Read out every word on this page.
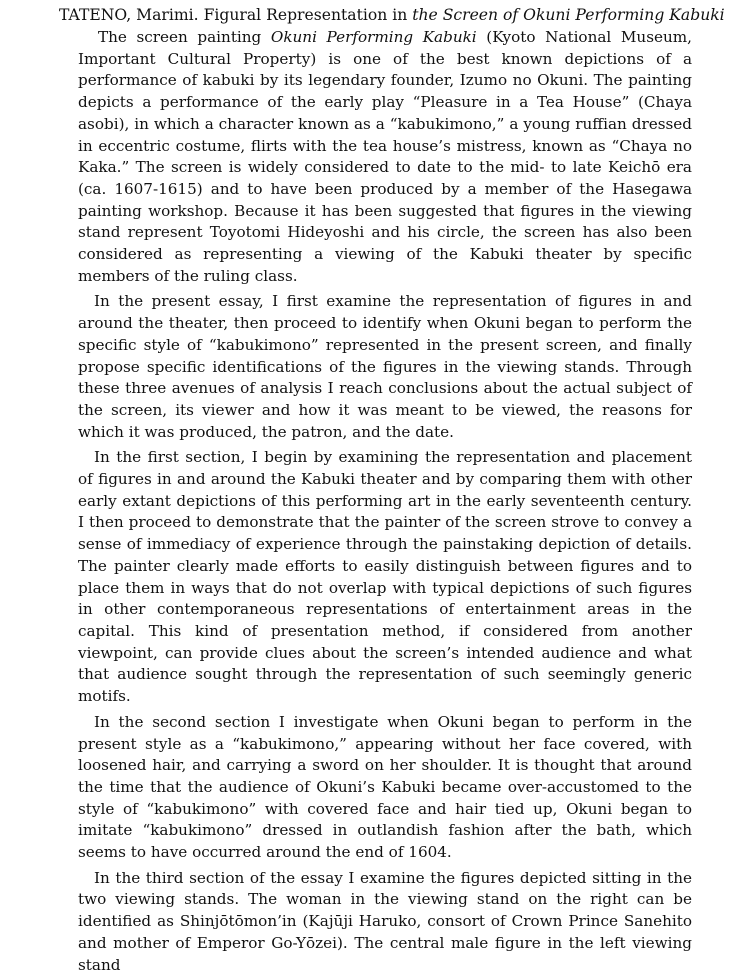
TATENO, Marimi. Figural Representation in the Screen of Okuni Performing Kabuki

The screen painting Okuni Performing Kabuki (Kyoto National Museum, Important Cultural Property) is one of the best known depictions of a performance of kabuki by its legendary founder, Izumo no Okuni. The painting depicts a performance of the early play “Pleasure in a Tea House” (Chaya asobi), in which a character known as a “kabukimono,” a young ruffian dressed in eccentric costume, flirts with the tea house’s mistress, known as “Chaya no Kaka.” The screen is widely considered to date to the mid- to late Keichō era (ca. 1607-1615) and to have been produced by a member of the Hasegawa painting workshop. Because it has been suggested that figures in the viewing stand represent Toyotomi Hideyoshi and his circle, the screen has also been considered as representing a viewing of the Kabuki theater by specific members of the ruling class.

In the present essay, I first examine the representation of figures in and around the theater, then proceed to identify when Okuni began to perform the specific style of “kabukimono” represented in the present screen, and finally propose specific identifications of the figures in the viewing stands. Through these three avenues of analysis I reach conclusions about the actual subject of the screen, its viewer and how it was meant to be viewed, the reasons for which it was produced, the patron, and the date.

In the first section, I begin by examining the representation and placement of figures in and around the Kabuki theater and by comparing them with other early extant depictions of this performing art in the early seventeenth century. I then proceed to demonstrate that the painter of the screen strove to convey a sense of immediacy of experience through the painstaking depiction of details. The painter clearly made efforts to easily distinguish between figures and to place them in ways that do not overlap with typical depictions of such figures in other contemporaneous representations of entertainment areas in the capital. This kind of presentation method, if considered from another viewpoint, can provide clues about the screen’s intended audience and what that audience sought through the representation of such seemingly generic motifs.

In the second section I investigate when Okuni began to perform in the present style as a “kabukimono,” appearing without her face covered, with loosened hair, and carrying a sword on her shoulder. It is thought that around the time that the audience of Okuni’s Kabuki became over-accustomed to the style of “kabukimono” with covered face and hair tied up, Okuni began to imitate “kabukimono” dressed in outlandish fashion after the bath, which seems to have occurred around the end of 1604.

In the third section of the essay I examine the figures depicted sitting in the two viewing stands. The woman in the viewing stand on the right can be identified as Shinjōtōmon’in (Kajūji Haruko, consort of Crown Prince Sanehito and mother of Emperor Go-Yōzei). The central male figure in the left viewing stand
